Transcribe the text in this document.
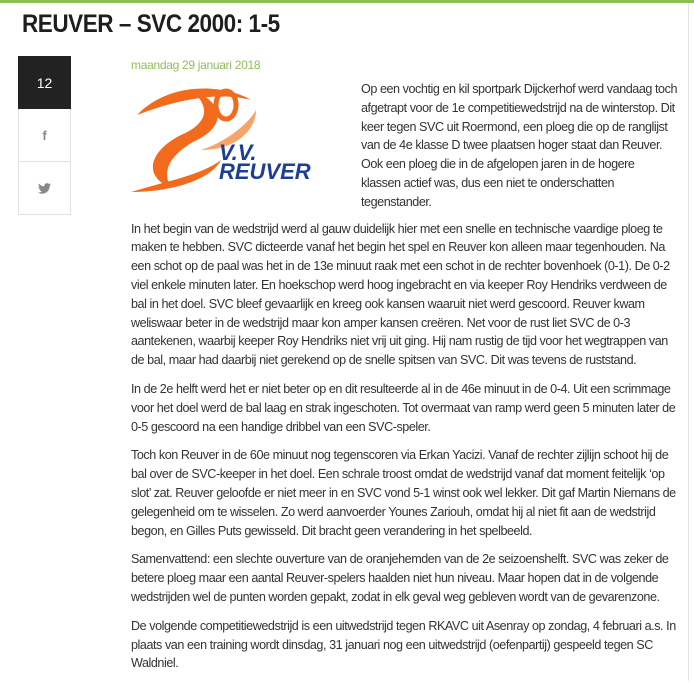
REUVER – SVC 2000: 1-5
12
f
maandag 29 januari 2018
V.V. REUVER

Op een vochtig en kil sportpark Dijckerhof werd vandaag toch afgetrapt voor de 1e competitiewedstrijd na de winterstop. Dit keer tegen SVC uit Roermond, een ploeg die op de ranglijst van de 4e klasse D twee plaatsen hoger staat dan Reuver. Ook een ploeg die in de afgelopen jaren in de hogere klassen actief was, dus een niet te onderschatten tegenstander.

In het begin van de wedstrijd werd al gauw duidelijk hier met een snelle en technische vaardige ploeg te maken te hebben. SVC dicteerde vanaf het begin het spel en Reuver kon alleen maar tegenhouden. Na een schot op de paal was het in de 13e minuut raak met een schot in de rechter bovenhoek (0-1). De 0-2 viel enkele minuten later. En hoekschop werd hoog ingebracht en via keeper Roy Hendriks verdween de bal in het doel. SVC bleef gevaarlijk en kreeg ook kansen waaruit niet werd gescoord. Reuver kwam weliswaar beter in de wedstrijd maar kon amper kansen creëren. Net voor de rust liet SVC de 0-3 aantekenen, waarbij keeper Roy Hendriks niet vrij uit ging. Hij nam rustig de tijd voor het wegtrappen van de bal, maar had daarbij niet gerekend op de snelle spitsen van SVC. Dit was tevens de ruststand.

In de 2e helft werd het er niet beter op en dit resulteerde al in de 46e minuut in de 0-4. Uit een scrimmage voor het doel werd de bal laag en strak ingeschoten. Tot overmaat van ramp werd geen 5 minuten later de 0-5 gescoord na een handige dribbel van een SVC-speler.

Toch kon Reuver in de 60e minuut nog tegenscoren via Erkan Yacizi. Vanaf de rechter zijlijn schoot hij de bal over de SVC-keeper in het doel. Een schrale troost omdat de wedstrijd vanaf dat moment feitelijk ‘op slot’ zat. Reuver geloofde er niet meer in en SVC vond 5-1 winst ook wel lekker. Dit gaf Martin Niemans de gelegenheid om te wisselen. Zo werd aanvoerder Younes Zariouh, omdat hij al niet fit aan de wedstrijd begon, en Gilles Puts gewisseld. Dit bracht geen verandering in het spelbeeld.

Samenvattend: een slechte ouverture van de oranjehemden van de 2e seizoenshelft. SVC was zeker de betere ploeg maar een aantal Reuver-spelers haalden niet hun niveau. Maar hopen dat in de volgende wedstrijden wel de punten worden gepakt, zodat in elk geval weg gebleven wordt van de gevarenzone.

De volgende competitiewedstrijd is een uitwedstrijd tegen RKAVC uit Asenray op zondag, 4 februari a.s. In plaats van een training wordt dinsdag, 31 januari nog een uitwedstrijd (oefenpartij) gespeeld tegen SC Waldniel.
